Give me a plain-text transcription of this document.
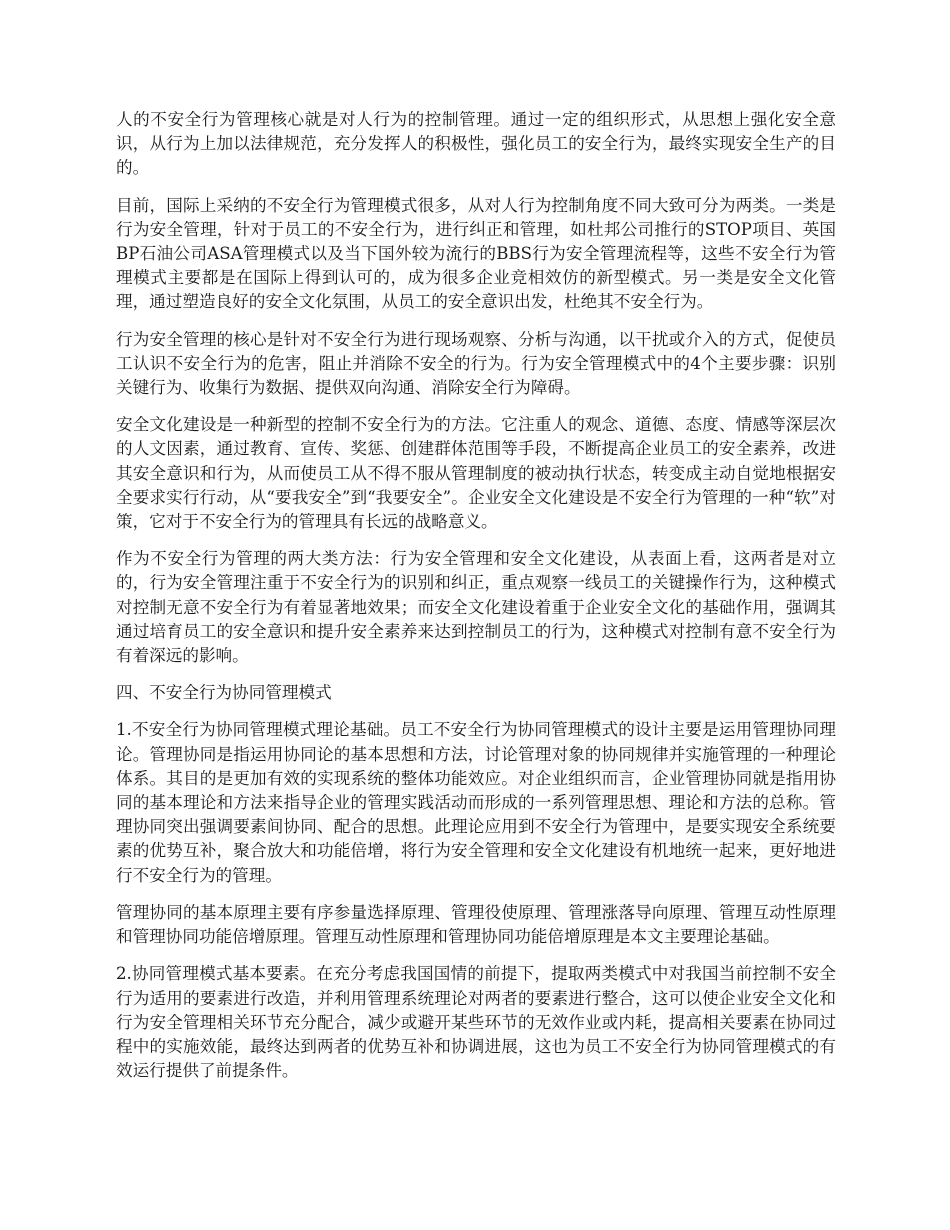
人的不安全行为管理核心就是对人行为的控制管理。通过一定的组织形式，从思想上强化安全意识，从行为上加以法律规范，充分发挥人的积极性，强化员工的安全行为，最终实现安全生产的目的。

目前，国际上采纳的不安全行为管理模式很多，从对人行为控制角度不同大致可分为两类。一类是行为安全管理，针对于员工的不安全行为，进行纠正和管理，如杜邦公司推行的STOP项目、英国BP石油公司ASA管理模式以及当下国外较为流行的BBS行为安全管理流程等，这些不安全行为管理模式主要都是在国际上得到认可的，成为很多企业竞相效仿的新型模式。另一类是安全文化管理，通过塑造良好的安全文化氛围，从员工的安全意识出发，杜绝其不安全行为。

行为安全管理的核心是针对不安全行为进行现场观察、分析与沟通，以干扰或介入的方式，促使员工认识不安全行为的危害，阻止并消除不安全的行为。行为安全管理模式中的4个主要步骤：识别关键行为、收集行为数据、提供双向沟通、消除安全行为障碍。

安全文化建设是一种新型的控制不安全行为的方法。它注重人的观念、道德、态度、情感等深层次的人文因素，通过教育、宣传、奖惩、创建群体范围等手段，不断提高企业员工的安全素养，改进其安全意识和行为，从而使员工从不得不服从管理制度的被动执行状态，转变成主动自觉地根据安全要求实行行动，从“要我安全”到“我要安全”。企业安全文化建设是不安全行为管理的一种“软”对策，它对于不安全行为的管理具有长远的战略意义。

作为不安全行为管理的两大类方法：行为安全管理和安全文化建设，从表面上看，这两者是对立的，行为安全管理注重于不安全行为的识别和纠正，重点观察一线员工的关键操作行为，这种模式对控制无意不安全行为有着显著地效果；而安全文化建设着重于企业安全文化的基础作用，强调其通过培育员工的安全意识和提升安全素养来达到控制员工的行为，这种模式对控制有意不安全行为有着深远的影响。

四、不安全行为协同管理模式

1.不安全行为协同管理模式理论基础。员工不安全行为协同管理模式的设计主要是运用管理协同理论。管理协同是指运用协同论的基本思想和方法，讨论管理对象的协同规律并实施管理的一种理论体系。其目的是更加有效的实现系统的整体功能效应。对企业组织而言，企业管理协同就是指用协同的基本理论和方法来指导企业的管理实践活动而形成的一系列管理思想、理论和方法的总称。管理协同突出强调要素间协同、配合的思想。此理论应用到不安全行为管理中，是要实现安全系统要素的优势互补，聚合放大和功能倍增，将行为安全管理和安全文化建设有机地统一起来，更好地进行不安全行为的管理。

管理协同的基本原理主要有序参量选择原理、管理役使原理、管理涨落导向原理、管理互动性原理和管理协同功能倍增原理。管理互动性原理和管理协同功能倍增原理是本文主要理论基础。

2.协同管理模式基本要素。在充分考虑我国国情的前提下，提取两类模式中对我国当前控制不安全行为适用的要素进行改造，并利用管理系统理论对两者的要素进行整合，这可以使企业安全文化和行为安全管理相关环节充分配合，减少或避开某些环节的无效作业或内耗，提高相关要素在协同过程中的实施效能，最终达到两者的优势互补和协调进展，这也为员工不安全行为协同管理模式的有效运行提供了前提条件。
